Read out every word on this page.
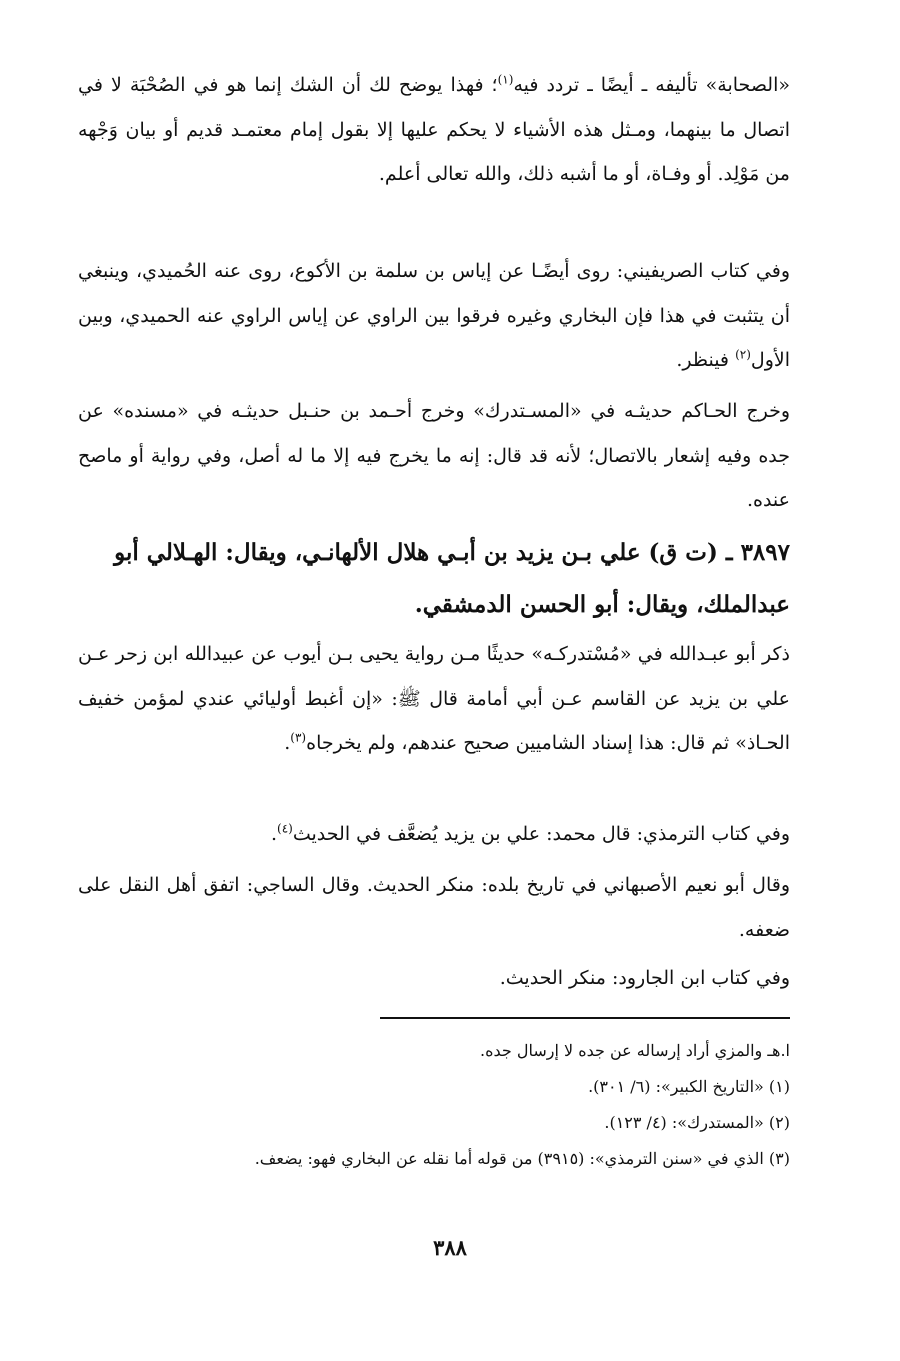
«الصحابة» تأليفه ـ أيضًا ـ تردد فيه$^{(١)}$؛ فهذا يوضح لك أن الشك إنما هو في الصُحْبَة لا في اتصال ما بينهما، ومـثل هذه الأشياء لا يحكم عليها إلا بقول إمام معتمـد قديم أو بيان وَجْهه من مَوْلِد. أو وفـاة، أو ما أشبه ذلك، والله تعالى أعلم.

وفي كتاب الصريفيني: روى أيضًـا عن إياس بن سلمة بن الأكوع، روى عنه الحُميدي، وينبغي أن يتثبت في هذا فإن البخاري وغيره فرقوا بين الراوي عن إياس الراوي عنه الحميدي، وبين الأول$^{(٢)}$ فينظر.

وخرج الحـاكم حديثـه في «المسـتدرك» وخرج أحـمد بن حنـبل حديثـه في «مسنده» عن جده وفيه إشعار بالاتصال؛ لأنه قد قال: إنه ما يخرج فيه إلا ما له أصل، وفي رواية أو ماصح عنده.

٣٨٩٧ ـ (ت ق) علي بـن يزيد بن أبـي هلال الألهانـي، ويقال: الهـلالي أبو عبدالملك، ويقال: أبو الحسن الدمشقي.

ذكر أبو عبـدالله في «مُسْتدركـه» حديثًا مـن رواية يحيى بـن أيوب عن عبيدالله ابن زحر عـن علي بن يزيد عن القاسم عـن أبي أمامة قال ﷺ: «إن أغبط أوليائي عندي لمؤمن خفيف الحـاذ» ثم قال: هذا إسناد الشاميين صحيح عندهم، ولم يخرجاه$^{(٣)}$.

وفي كتاب الترمذي: قال محمد: علي بن يزيد يُضعَّف في الحديث$^{(٤)}$.

وقال أبو نعيم الأصبهاني في تاريخ بلده: منكر الحديث. وقال الساجي: اتفق أهل النقل على ضعفه.

وفي كتاب ابن الجارود: منكر الحديث.

ا.هـ والمزي أراد إرساله عن جده لا إرسال جده.

(١) «التاريخ الكبير»: (٦/ ٣٠١).

(٢) «المستدرك»: (٤/ ١٢٣).

(٣) الذي في «سنن الترمذي»: (٣٩١٥) من قوله أما نقله عن البخاري فهو: يضعف.

٣٨٨
